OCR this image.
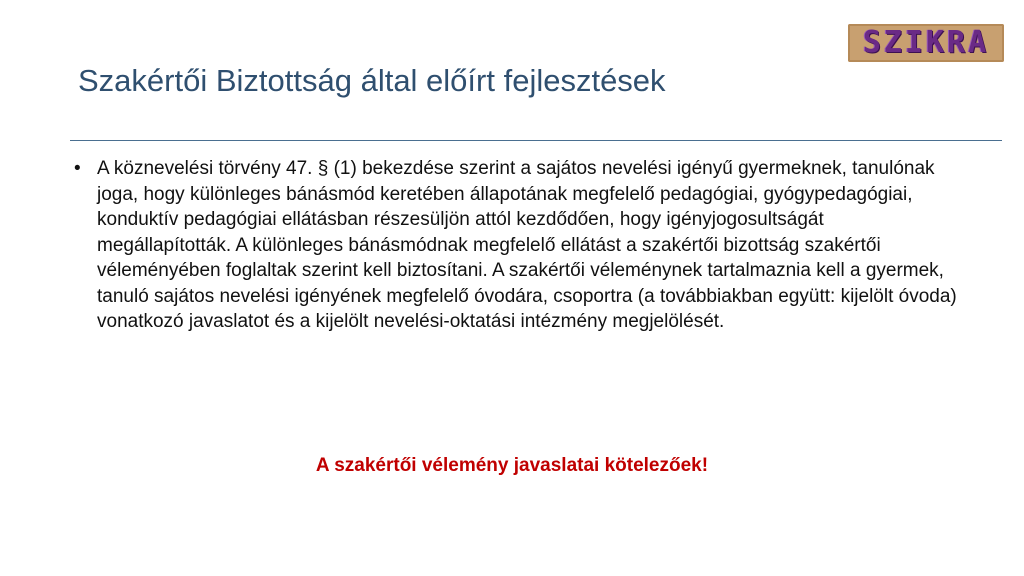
SZIKRA
Szakértői Biztottság által előírt fejlesztések
• A köznevelési törvény 47. § (1) bekezdése szerint a sajátos nevelési igényű gyermeknek, tanulónak joga, hogy különleges bánásmód keretében állapotának megfelelő pedagógiai, gyógypedagógiai, konduktív pedagógiai ellátásban részesüljön attól kezdődően, hogy igényjogosultságát megállapították. A különleges bánásmódnak megfelelő ellátást a szakértői bizottság szakértői véleményében foglaltak szerint kell biztosítani. A szakértői véleménynek tartalmaznia kell a gyermek, tanuló sajátos nevelési igényének megfelelő óvodára, csoportra (a továbbiakban együtt: kijelölt óvoda) vonatkozó javaslatot és a kijelölt nevelési-oktatási intézmény megjelölését.
A szakértői vélemény javaslatai kötelezőek!
